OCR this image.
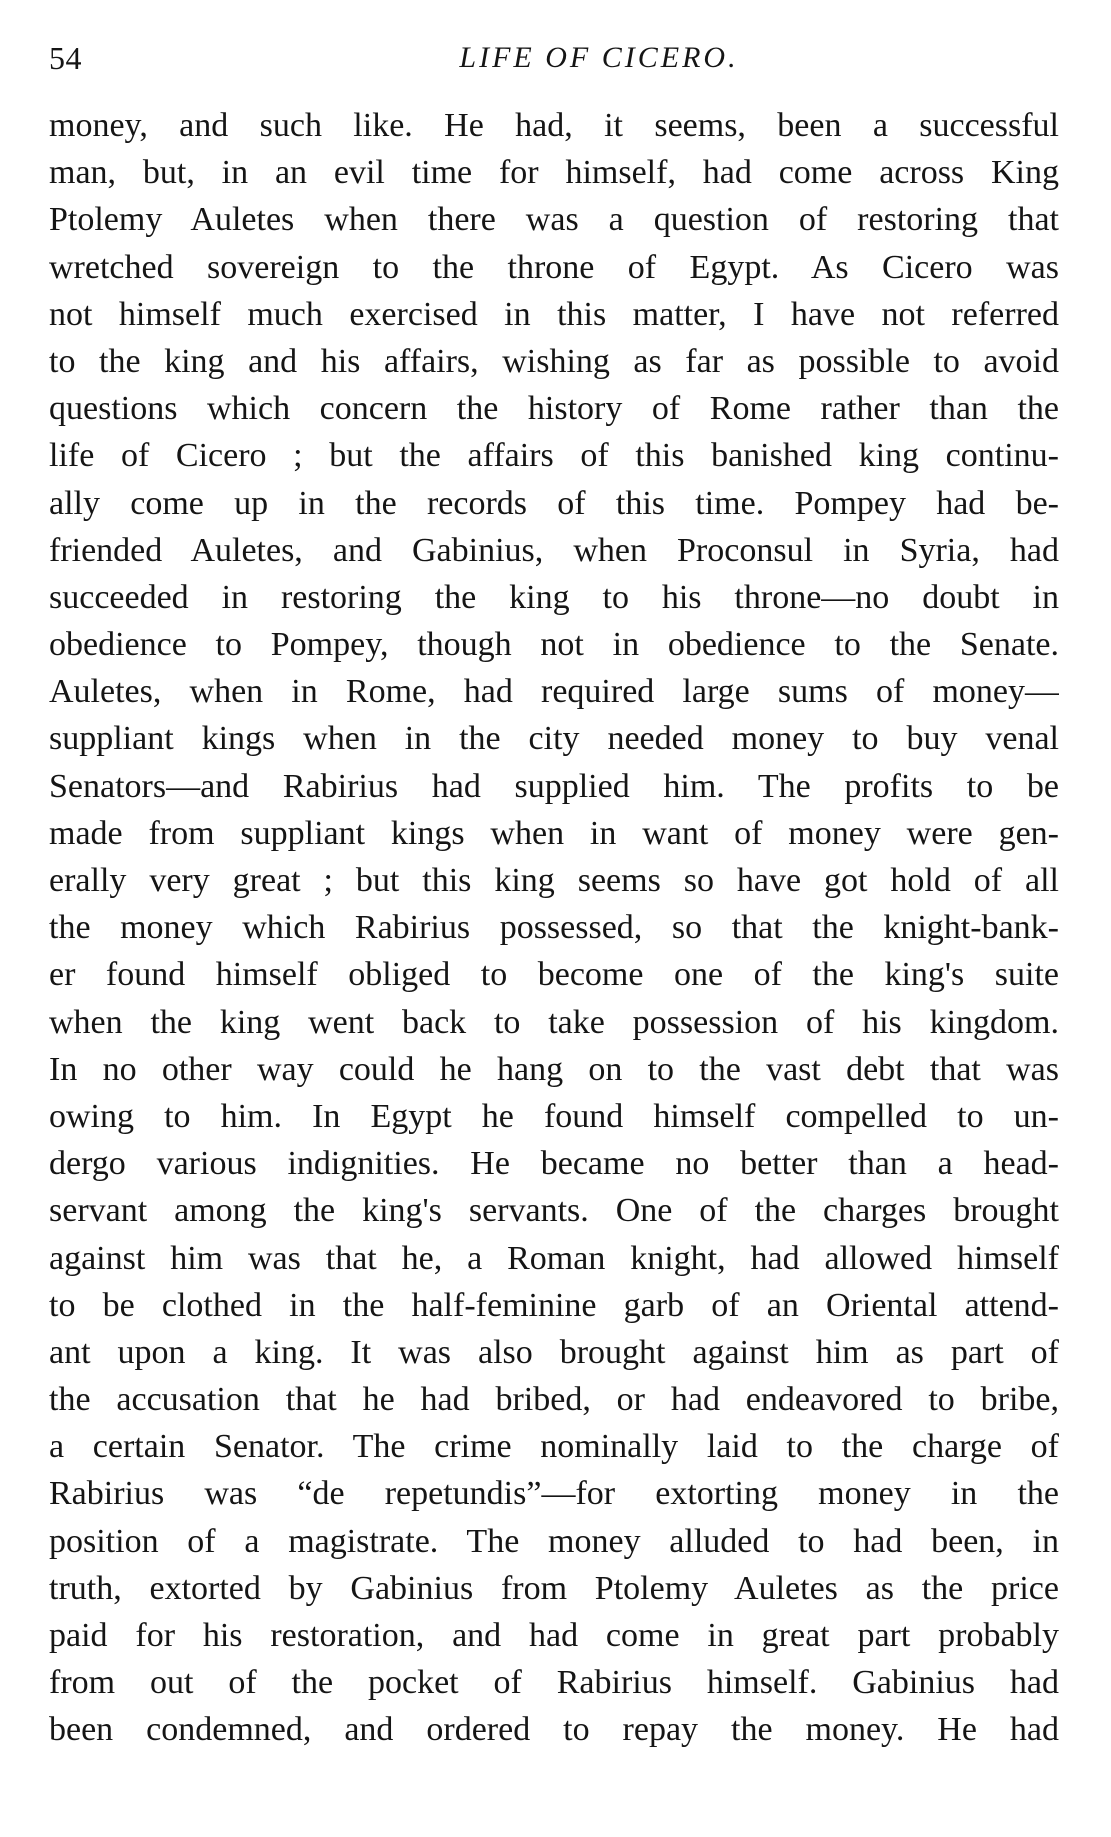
54	LIFE OF CICERO.
money, and such like. He had, it seems, been a successful
man, but, in an evil time for himself, had come across King
Ptolemy Auletes when there was a question of restoring that
wretched sovereign to the throne of Egypt. As Cicero was
not himself much exercised in this matter, I have not referred
to the king and his affairs, wishing as far as possible to avoid
questions which concern the history of Rome rather than the
life of Cicero ; but the affairs of this banished king continu-
ally come up in the records of this time. Pompey had be-
friended Auletes, and Gabinius, when Proconsul in Syria, had
succeeded in restoring the king to his throne—no doubt in
obedience to Pompey, though not in obedience to the Senate.
Auletes, when in Rome, had required large sums of money—
suppliant kings when in the city needed money to buy venal
Senators—and Rabirius had supplied him. The profits to be
made from suppliant kings when in want of money were gen-
erally very great ; but this king seems so have got hold of all
the money which Rabirius possessed, so that the knight-bank-
er found himself obliged to become one of the king's suite
when the king went back to take possession of his kingdom.
In no other way could he hang on to the vast debt that was
owing to him. In Egypt he found himself compelled to un-
dergo various indignities. He became no better than a head-
servant among the king's servants. One of the charges brought
against him was that he, a Roman knight, had allowed himself
to be clothed in the half-feminine garb of an Oriental attend-
ant upon a king. It was also brought against him as part of
the accusation that he had bribed, or had endeavored to bribe,
a certain Senator. The crime nominally laid to the charge of
Rabirius was “de repetundis”—for extorting money in the
position of a magistrate. The money alluded to had been, in
truth, extorted by Gabinius from Ptolemy Auletes as the price
paid for his restoration, and had come in great part probably
from out of the pocket of Rabirius himself. Gabinius had
been condemned, and ordered to repay the money. He had
